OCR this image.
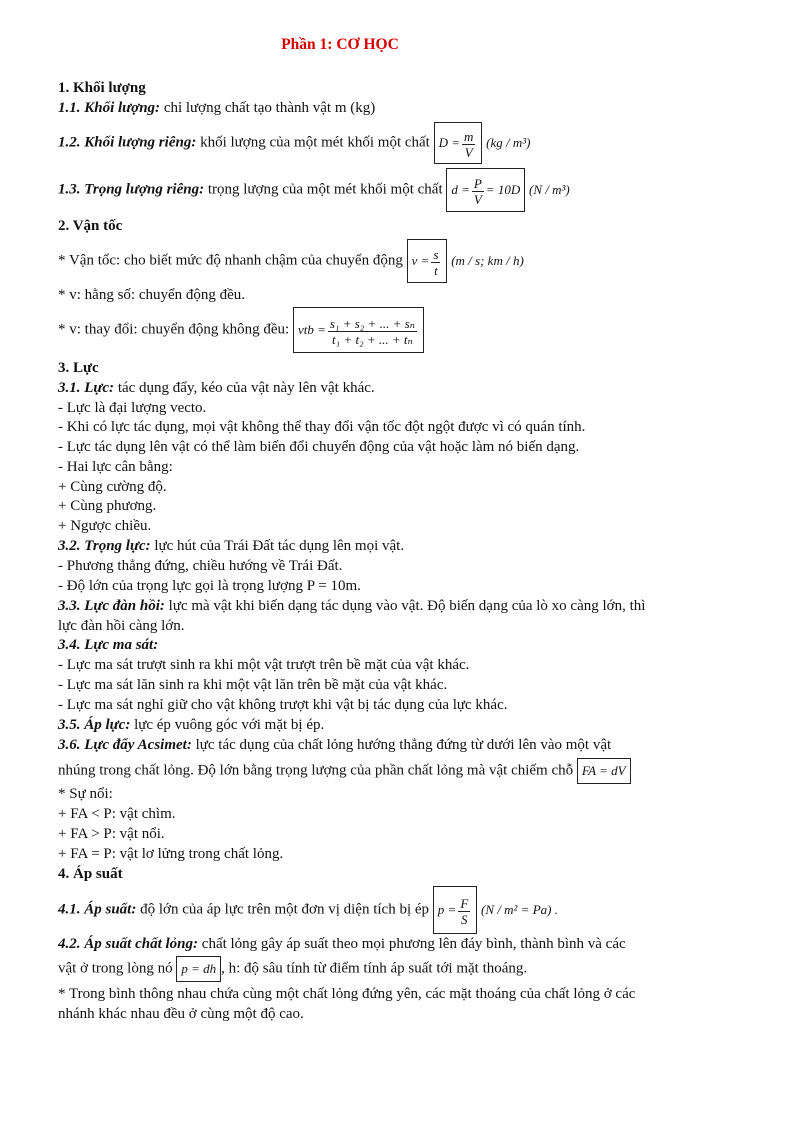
Phần 1: CƠ HỌC
1. Khối lượng
1.1. Khối lượng: chỉ lượng chất tạo thành vật m (kg)
1.2. Khối lượng riêng: khối lượng của một mét khối một chất $D = \frac{m}{V} (kg / m^3)$
1.3. Trọng lượng riêng: trọng lượng của một mét khối một chất $d = \frac{P}{V} = 10D$ (N / m³)
2. Vận tốc
* Vận tốc: cho biết mức độ nhanh chậm của chuyển động $v = \frac{s}{t} (m / s$; km / h)
* v: hằng số: chuyển động đều.
* v: thay đổi: chuyển động không đều: vtb = $\frac{\text{s₁ + s₂ + ... + sₙ}}{\text{t₁ + t₂ + ... + tₙ}}$
3. Lực
3.1. Lực: tác dụng đẩy, kéo của vật này lên vật khác.
- Lực là đại lượng vecto.
- Khi có lực tác dụng, mọi vật không thể thay đổi vận tốc đột ngột được vì có quán tính.
- Lực tác dụng lên vật có thể làm biến đổi chuyển động của vật hoặc làm nó biến dạng.
- Hai lực cân bằng:
+ Cùng cường độ.
+ Cùng phương.
+ Ngược chiều.
3.2. Trọng lực: lực hút của Trái Đất tác dụng lên mọi vật.
- Phương thẳng đứng, chiều hướng về Trái Đất.
- Độ lớn của trọng lực gọi là trọng lượng P = 10m.
3.3. Lực đàn hồi: lực mà vật khi biến dạng tác dụng vào vật. Độ biến dạng của lò xo càng lớn, thì
lực đàn hồi càng lớn.
3.4. Lực ma sát:
- Lực ma sát trượt sinh ra khi một vật trượt trên bề mặt của vật khác.
- Lực ma sát lăn sinh ra khi một vật lăn trên bề mặt của vật khác.
- Lực ma sát nghỉ giữ cho vật không trượt khi vật bị tác dụng của lực khác.
3.5. Áp lực: lực ép vuông góc với mặt bị ép.
3.6. Lực đẩy Acsimet: lực tác dụng của chất lỏng hướng thẳng đứng từ dưới lên vào một vật
nhúng trong chất lỏng. Độ lớn bằng trọng lượng của phần chất lỏng mà vật chiếm chỗ FA = dV
* Sự nổi:
+ FA < P: vật chìm.
+ FA > P: vật nổi.
+ FA = P: vật lơ lửng trong chất lỏng.
4. Áp suất
4.1. Áp suất: độ lớn của áp lực trên một đơn vị diện tích bị ép $p = \frac{F}{S} (N / m^2 = Pa)$ .
4.2. Áp suất chất lỏng: chất lỏng gây áp suất theo mọi phương lên đáy bình, thành bình và các
vật ở trong lòng nó p = dh , h: độ sâu tính từ điểm tính áp suất tới mặt thoáng.
* Trong bình thông nhau chứa cùng một chất lỏng đứng yên, các mặt thoáng của chất lỏng ở các
nhánh khác nhau đều ở cùng một độ cao.
